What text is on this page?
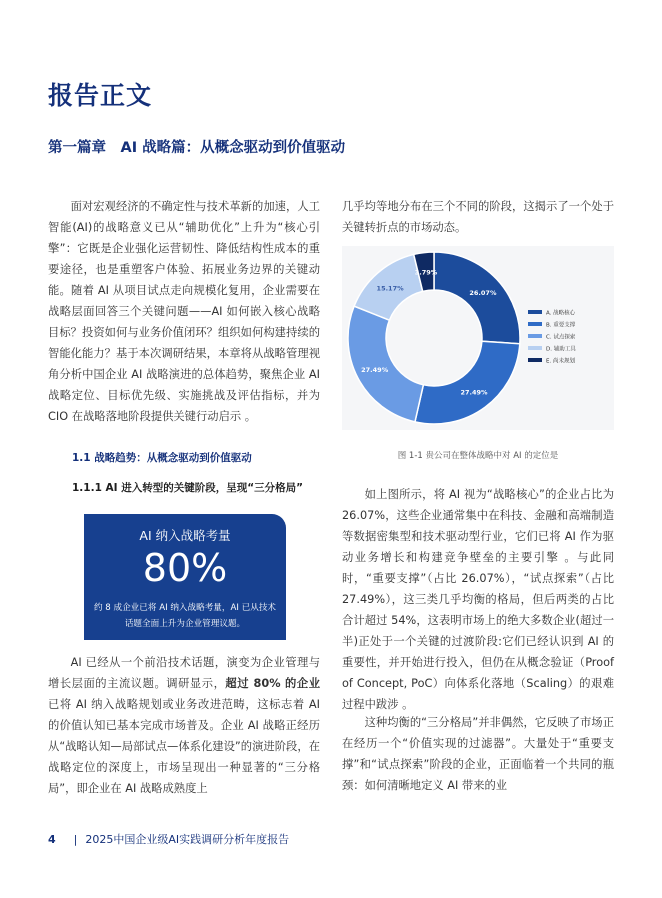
报告正文
第一篇章　AI 战略篇：从概念驱动到价值驱动
面对宏观经济的不确定性与技术革新的加速，人工智能(AI)的战略意义已从“辅助优化”上升为“核心引擎”：它既是企业强化运营韧性、降低结构性成本的重要途径，也是重塑客户体验、拓展业务边界的关键动能。随着 AI 从项目试点走向规模化复用，企业需要在战略层面回答三个关键问题——AI 如何嵌入核心战略目标？投资如何与业务价值闭环？组织如何构建持续的智能化能力？基于本次调研结果，本章将从战略管理视角分析中国企业 AI 战略演进的总体趋势，聚焦企业 AI 战略定位、目标优先级、实施挑战及评估指标，并为 CIO 在战略落地阶段提供关键行动启示 。
1.1 战略趋势：从概念驱动到价值驱动
1.1.1 AI 进入转型的关键阶段，呈现“三分格局”
AI 纳入战略考量
80%
约 8 成企业已将 AI 纳入战略考量，AI 已从技术话题全面上升为企业管理议题。
AI 已经从一个前沿技术话题，演变为企业管理与增长层面的主流议题。调研显示，超过 80% 的企业已将 AI 纳入战略规划或业务改进范畴，这标志着 AI 的价值认知已基本完成市场普及。企业 AI 战略正经历从“战略认知—局部试点—体系化建设”的演进阶段，在战略定位的深度上，市场呈现出一种显著的“三分格局”，即企业在 AI 战略成熟度上
几乎均等地分布在三个不同的阶段，这揭示了一个处于关键转折点的市场动态。
26.07%
27.49%
27.49%
15.17%
3.79%
A. 战略核心
B. 重要支撑
C. 试点探索
D. 辅助工具
E. 尚未规划
图 1-1 贵公司在整体战略中对 AI 的定位是
如上图所示，将 AI 视为“战略核心”的企业占比为 26.07%，这些企业通常集中在科技、金融和高端制造等数据密集型和技术驱动型行业，它们已将 AI 作为驱动业务增长和构建竞争壁垒的主要引擎 。与此同时，“重要支撑”（占比 26.07%），“试点探索”（占比 27.49%），这三类几乎均衡的格局，但后两类的占比合计超过 54%，这表明市场上的绝大多数企业(超过一半)正处于一个关键的过渡阶段:它们已经认识到 AI 的重要性，并开始进行投入，但仍在从概念验证（Proof of Concept, PoC）向体系化落地（Scaling）的艰难过程中跋涉 。
这种均衡的“三分格局”并非偶然，它反映了市场正在经历一个“价值实现的过滤器”。大量处于“重要支撑”和“试点探索”阶段的企业，正面临着一个共同的瓶颈：如何清晰地定义 AI 带来的业
4 | 2025中国企业级AI实践调研分析年度报告
